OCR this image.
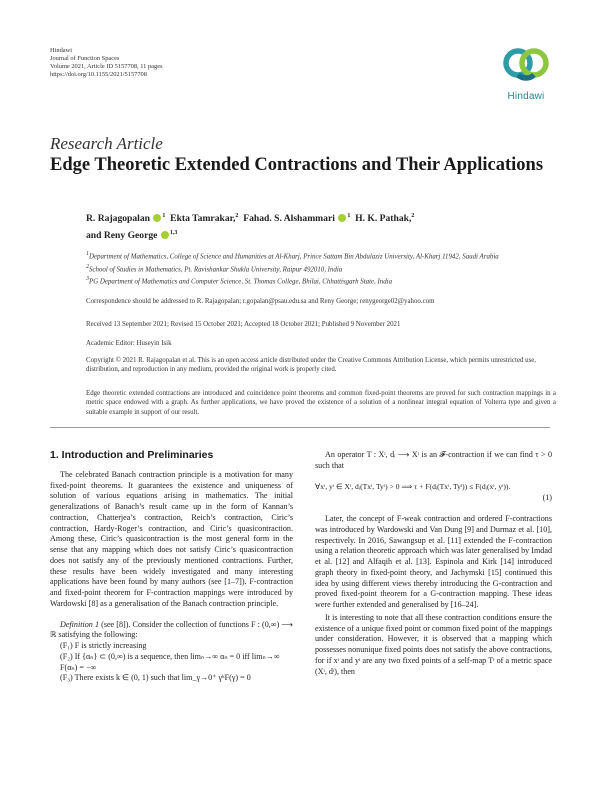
Hindawi
Journal of Function Spaces
Volume 2021, Article ID 5157708, 11 pages
https://doi.org/10.1155/2021/5157708
Hindawi
Research Article
Edge Theoretic Extended Contractions and Their Applications
R. Rajagopalan $^1$ Ekta Tamrakar,$^2$ Fahad. S. Alshammari $^1$ H. K. Pathak,$^2$
and Reny George $^{1,3}$

$^1$Department of Mathematics, College of Science and Humanities at Al-Kharj, Prince Sattam Bin Abdulaziz University, Al-Kharj 11942, Saudi Arabia

$^2$School of Studies in Mathematics, Pt. Ravishankar Shukla University, Raipur 492010, India

$^3$PG Department of Mathematics and Computer Science, St. Thomas College, Bhilai, Chhattisgarh State, India

Correspondence should be addressed to R. Rajagopalan; r.gopalan@psau.edu.sa and Reny George; renygeorge02@yahoo.com
Received 13 September 2021; Revised 15 October 2021; Accepted 18 October 2021; Published 9 November 2021
Academic Editor: Huseyin Isik
Copyright © 2021 R. Rajagopalan et al. This is an open access article distributed under the Creative Commons Attribution License, which permits unrestricted use, distribution, and reproduction in any medium, provided the original work is properly cited.
Edge theoretic extended contractions are introduced and coincidence point theorems and common fixed-point theorems are proved for such contraction mappings in a metric space endowed with a graph. As further applications, we have proved the existence of a solution of a nonlinear integral equation of Volterra type and given a suitable example in support of our result.
1. Introduction and Preliminaries
The celebrated Banach contraction principle is a motivation for many fixed-point theorems. It guarantees the existence and uniqueness of solution of various equations arising in mathematics. The initial generalizations of Banach’s result came up in the form of Kannan’s contraction, Chatterjea’s contraction, Reich’s contraction, Ciric’s contraction, Hardy-Roger’s contraction, and Ciric’s quasicontraction. Among these, Ciric’s quasicontraction is the most general form in the sense that any mapping which does not satisfy Ciric’s quasicontraction does not satisfy any of the previously mentioned contractions. Further, these results have been widely investigated and many interesting applications have been found by many authors (see [1–7]). F-contraction and fixed-point theorem for F-contraction mappings were introduced by Wardowski [8] as a generalisation of the Banach contraction principle.
Definition 1 (see [8]). Consider the collection of functions F : (0,∞) ⟶ ℝ satisfying the following:
(F₁) F is strictly increasing
(F₂) If {αₙ} ⊂ (0,∞) is a sequence, then limₙ→∞ αₙ = 0 iff limₙ→∞ F(αₙ) = −∞
(F₃) There exists k ∈ (0, 1) such that lim_γ→0⁺ γᵏF(γ) = 0
An operator T : Xᶦ, dᵢ ⟶ Xᶦ is an 𝓕-contraction if we can find τ > 0 such that
∀xᶦ, yᶦ ∈ Xᶦ, dᵢ(Txᶦ, Tyᶦ) > 0 ⟹ τ + F(dᵢ(Txᶦ, Tyᶦ)) ≤ F(dᵢ(xᶦ, yᶦ)).
(1)
Later, the concept of F-weak contraction and ordered F-contractions was introduced by Wardowski and Van Dung [9] and Durmaz et al. [10], respectively. In 2016, Sawangsup et al. [11] extended the F-contraction using a relation theoretic approach which was later generalised by Imdad et al. [12] and Alfaqih et al. [13]. Espinola and Kirk [14] introduced graph theory in fixed-point theory, and Jachymski [15] continued this idea by using different views thereby introducing the G-contraction and proved fixed-point theorem for a G-contraction mapping. These ideas were further extended and generalised by [16–24].
It is interesting to note that all these contraction conditions ensure the existence of a unique fixed point or common fixed point of the mappings under consideration. However, it is observed that a mapping which possesses nonunique fixed points does not satisfy the above contractions, for if xᶦ and yᶦ are any two fixed points of a self-map Tᶦ of a metric space (Xᶦ, dᶦ), then
